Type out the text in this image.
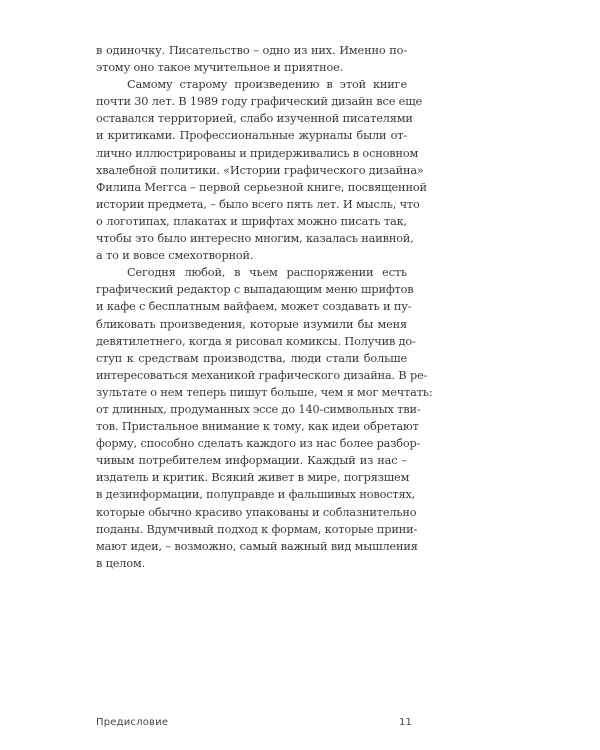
в одиночку. Писательство – одно из них. Именно по-
этому оно такое мучительное и приятное.
Самому старому произведению в этой книге
почти 30 лет. В 1989 году графический дизайн все еще
оставался территорией, слабо изученной писателями
и критиками. Профессиональные журналы были от-
лично иллюстрированы и придерживались в основном
хвалебной политики. «Истории графического дизайна»
Филипа Меггса – первой серьезной книге, посвященной
истории предмета, – было всего пять лет. И мысль, что
о логотипах, плакатах и шрифтах можно писать так,
чтобы это было интересно многим, казалась наивной,
а то и вовсе смехотворной.
Сегодня любой, в чьем распоряжении есть
графический редактор с выпадающим меню шрифтов
и кафе с бесплатным вайфаем, может создавать и пу-
бликовать произведения, которые изумили бы меня
девятилетнего, когда я рисовал комиксы. Получив до-
ступ к средствам производства, люди стали больше
интересоваться механикой графического дизайна. В ре-
зультате о нем теперь пишут больше, чем я мог мечтать:
от длинных, продуманных эссе до 140-символьных тви-
тов. Пристальное внимание к тому, как идеи обретают
форму, способно сделать каждого из нас более разбор-
чивым потребителем информации. Каждый из нас –
издатель и критик. Всякий живет в мире, погрязшем
в дезинформации, полуправде и фальшивых новостях,
которые обычно красиво упакованы и соблазнительно
поданы. Вдумчивый подход к формам, которые прини-
мают идеи, – возможно, самый важный вид мышления
в целом.
Предисловие	11
